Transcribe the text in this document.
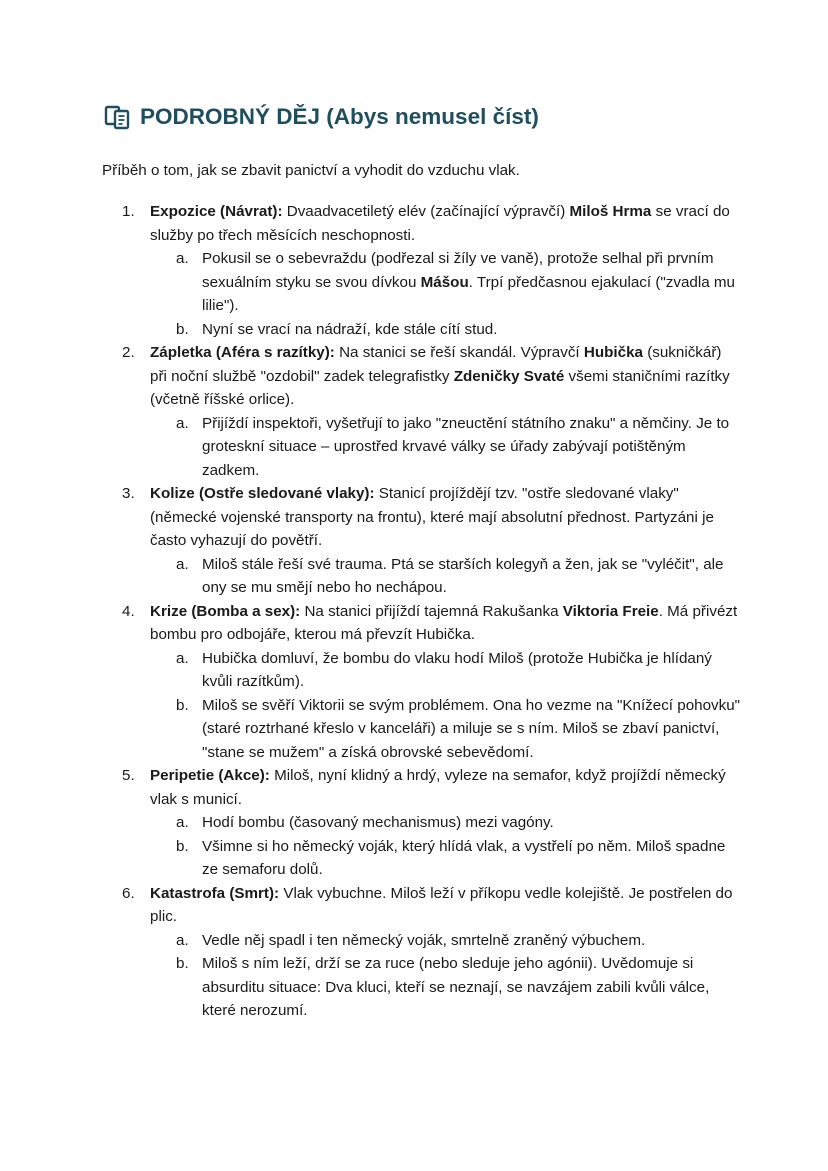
PODROBNÝ DĚJ (Abys nemusel číst)
Příběh o tom, jak se zbavit panictví a vyhodit do vzduchu vlak.
1. Expozice (Návrat): Dvaadvacetiletý elév (začínající výpravčí) Miloš Hrma se vrací do služby po třech měsících neschopnosti.
a. Pokusil se o sebevraždu (podřezal si žíly ve vaně), protože selhal při prvním sexuálním styku se svou dívkou Mášou. Trpí předčasnou ejakulací ("zvadla mu lilie").
b. Nyní se vrací na nádraží, kde stále cítí stud.
2. Zápletka (Aféra s razítky): Na stanici se řeší skandál. Výpravčí Hubička (sukničkář) při noční službě "ozdobil" zadek telegrafistky Zdeničky Svaté všemi staničními razítky (včetně říšské orlice).
a. Přijíždí inspektoři, vyšetřují to jako "zneuctění státního znaku" a němčiny. Je to groteskní situace – uprostřed krvavé války se úřady zabývají potištěným zadkem.
3. Kolize (Ostře sledované vlaky): Stanicí projíždějí tzv. "ostře sledované vlaky" (německé vojenské transporty na frontu), které mají absolutní přednost. Partyzáni je často vyhazují do povětří.
a. Miloš stále řeší své trauma. Ptá se starších kolegyň a žen, jak se "vyléčit", ale ony se mu smějí nebo ho nechápou.
4. Krize (Bomba a sex): Na stanici přijíždí tajemná Rakušanka Viktoria Freie. Má přivézt bombu pro odbojáře, kterou má převzít Hubička.
a. Hubička domluví, že bombu do vlaku hodí Miloš (protože Hubička je hlídaný kvůli razítkům).
b. Miloš se svěří Viktorii se svým problémem. Ona ho vezme na "Knížecí pohovku" (staré roztrhané křeslo v kanceláři) a miluje se s ním. Miloš se zbaví panictví, "stane se mužem" a získá obrovské sebevědomí.
5. Peripetie (Akce): Miloš, nyní klidný a hrdý, vyleze na semafor, když projíždí německý vlak s municí.
a. Hodí bombu (časovaný mechanismus) mezi vagóny.
b. Všimne si ho německý voják, který hlídá vlak, a vystřelí po něm. Miloš spadne ze semaforu dolů.
6. Katastrofa (Smrt): Vlak vybuchne. Miloš leží v příkopu vedle kolejiště. Je postřelen do plic.
a. Vedle něj spadl i ten německý voják, smrtelně zraněný výbuchem.
b. Miloš s ním leží, drží se za ruce (nebo sleduje jeho agónii). Uvědomuje si absurditu situace: Dva kluci, kteří se neznají, se navzájem zabili kvůli válce, které nerozumí.
